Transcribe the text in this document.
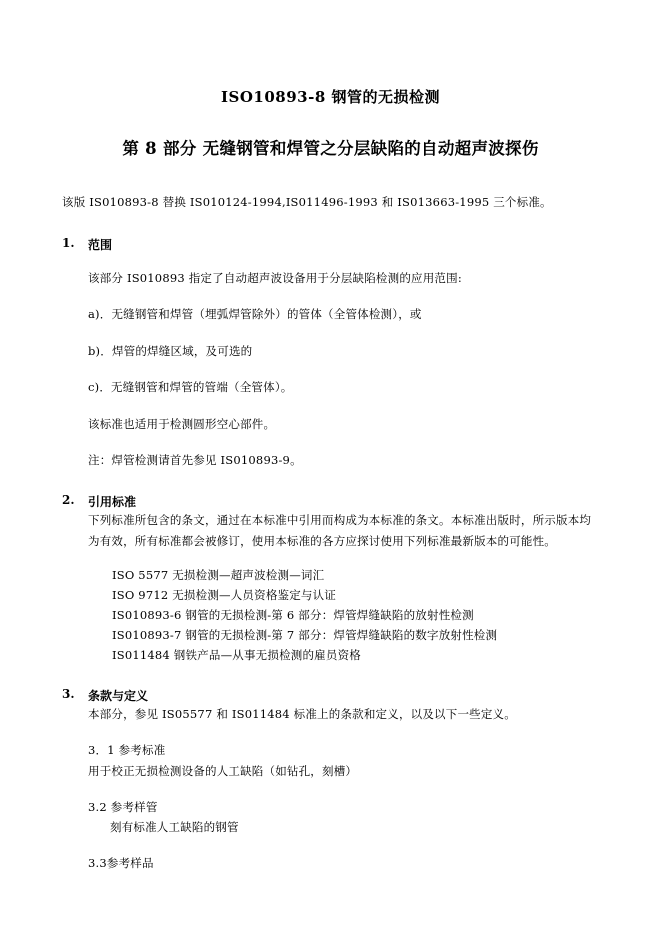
ISO10893-8 钢管的无损检测
第 8 部分 无缝钢管和焊管之分层缺陷的自动超声波探伤

该版 IS010893-8 替换 IS010124-1994,IS011496-1993 和 IS013663-1995 三个标准。

1.	范围

该部分 IS010893 指定了自动超声波设备用于分层缺陷检测的应用范围:

a)．无缝钢管和焊管（埋弧焊管除外）的管体（全管体检测），或

b)．焊管的焊缝区域，及可选的

c)．无缝钢管和焊管的管端（全管体）。

该标准也适用于检测圆形空心部件。

注：焊管检测请首先参见 IS010893-9。

2.	引用标准

下列标准所包含的条文，通过在本标准中引用而构成为本标准的条文。本标准出版时，所示版本均为有效，所有标准都会被修订，使用本标准的各方应探讨使用下列标准最新版本的可能性。

ISO 5577 无损检测—超声波检测—词汇
ISO 9712 无损检测—人员资格鉴定与认证
IS010893-6 钢管的无损检测-第 6 部分：焊管焊缝缺陷的放射性检测
IS010893-7 钢管的无损检测-第 7 部分：焊管焊缝缺陷的数字放射性检测
IS011484 钢铁产品—从事无损检测的雇员资格
3.	条款与定义

本部分，参见 IS05577 和 IS011484 标准上的条款和定义，以及以下一些定义。

3．1 参考标准

用于校正无损检测设备的人工缺陷（如钻孔，刻槽）

3.2 参考样管

刻有标准人工缺陷的钢管

3.3参考样品
